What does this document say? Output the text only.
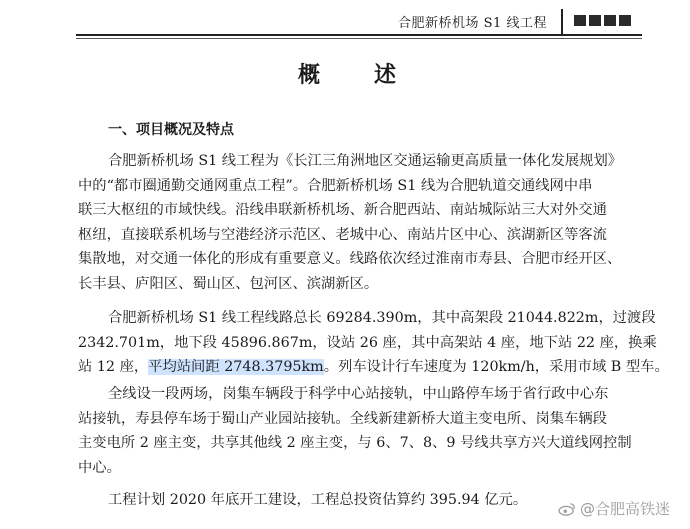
合肥新桥机场 S1 线工程
概　述
一、项目概况及特点
合肥新桥机场 S1 线工程为《长江三角洲地区交通运输更高质量一体化发展规划》
中的“都市圈通勤交通网重点工程”。合肥新桥机场 S1 线为合肥轨道交通线网中串
联三大枢纽的市域快线。沿线串联新桥机场、新合肥西站、南站城际站三大对外交通
枢纽，直接联系机场与空港经济示范区、老城中心、南站片区中心、滨湖新区等客流
集散地，对交通一体化的形成有重要意义。线路依次经过淮南市寿县、合肥市经开区、
长丰县、庐阳区、蜀山区、包河区、滨湖新区。
合肥新桥机场 S1 线工程线路总长 69284.390m，其中高架段 21044.822m，过渡段
2342.701m，地下段 45896.867m，设站 26 座，其中高架站 4 座，地下站 22 座，换乘
站 12 座，平均站间距 2748.3795km。列车设计行车速度为 120km/h，采用市域 B 型车。
全线设一段两场，岗集车辆段于科学中心站接轨，中山路停车场于省行政中心东
站接轨，寿县停车场于蜀山产业园站接轨。全线新建新桥大道主变电所、岗集车辆段
主变电所 2 座主变，共享其他线 2 座主变，与 6、7、8、9 号线共享方兴大道线网控制
中心。
工程计划 2020 年底开工建设，工程总投资估算约 395.94 亿元。	@合肥高铁迷
